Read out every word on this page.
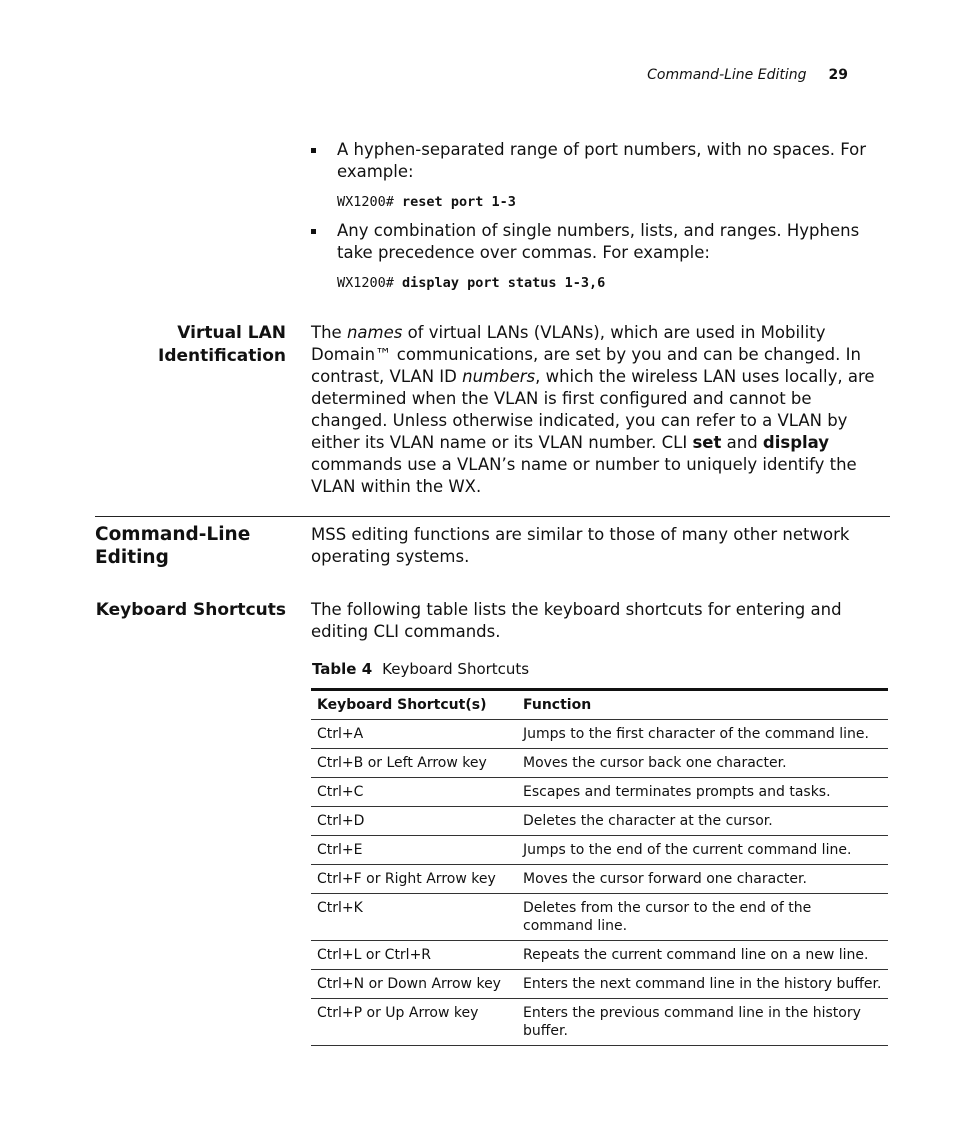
Command-Line Editing 29
A hyphen-separated range of port numbers, with no spaces. For example:
WX1200# reset port 1-3
Any combination of single numbers, lists, and ranges. Hyphens take precedence over commas. For example:
WX1200# display port status 1-3,6
Virtual LAN Identification
The names of virtual LANs (VLANs), which are used in Mobility Domain™ communications, are set by you and can be changed. In contrast, VLAN ID numbers, which the wireless LAN uses locally, are determined when the VLAN is first configured and cannot be changed. Unless otherwise indicated, you can refer to a VLAN by either its VLAN name or its VLAN number. CLI set and display commands use a VLAN’s name or number to uniquely identify the VLAN within the WX.
Command-Line Editing
MSS editing functions are similar to those of many other network operating systems.
Keyboard Shortcuts The following table lists the keyboard shortcuts for entering and editing CLI commands.
Table 4 Keyboard Shortcuts
Keyboard Shortcut(s)	Function
Ctrl+A	Jumps to the first character of the command line.
Ctrl+B or Left Arrow key	Moves the cursor back one character.
Ctrl+C	Escapes and terminates prompts and tasks.
Ctrl+D	Deletes the character at the cursor.
Ctrl+E	Jumps to the end of the current command line.
Ctrl+F or Right Arrow key	Moves the cursor forward one character.
Ctrl+K	Deletes from the cursor to the end of the command line.
Ctrl+L or Ctrl+R	Repeats the current command line on a new line.
Ctrl+N or Down Arrow key	Enters the next command line in the history buffer.
Ctrl+P or Up Arrow key	Enters the previous command line in the history buffer.
